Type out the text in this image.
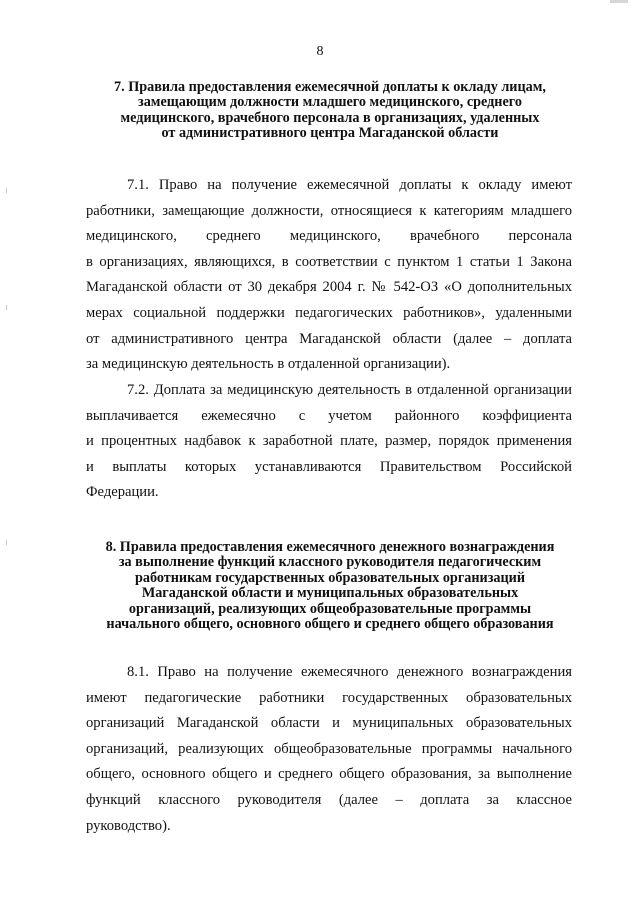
8
7. Правила предоставления ежемесячной доплаты к окладу лицам,
замещающим должности младшего медицинского, среднего
медицинского, врачебного персонала в организациях, удаленных
от административного центра Магаданской области
7.1. Право на получение ежемесячной доплаты к окладу имеют
работники, замещающие должности, относящиеся к категориям младшего
медицинского, среднего медицинского, врачебного персонала
в организациях, являющихся, в соответствии с пунктом 1 статьи 1 Закона
Магаданской области от 30 декабря 2004 г. № 542-ОЗ «О дополнительных
мерах социальной поддержки педагогических работников», удаленными
от административного центра Магаданской области (далее – доплата
за медицинскую деятельность в отдаленной организации).
7.2. Доплата за медицинскую деятельность в отдаленной организации
выплачивается ежемесячно с учетом районного коэффициента
и процентных надбавок к заработной плате, размер, порядок применения
и выплаты которых устанавливаются Правительством Российской
Федерации.
8. Правила предоставления ежемесячного денежного вознаграждения
за выполнение функций классного руководителя педагогическим
работникам государственных образовательных организаций
Магаданской области и муниципальных образовательных
организаций, реализующих общеобразовательные программы
начального общего, основного общего и среднего общего образования
8.1. Право на получение ежемесячного денежного вознаграждения
имеют педагогические работники государственных образовательных
организаций Магаданской области и муниципальных образовательных
организаций, реализующих общеобразовательные программы начального
общего, основного общего и среднего общего образования, за выполнение
функций классного руководителя (далее – доплата за классное
руководство).
